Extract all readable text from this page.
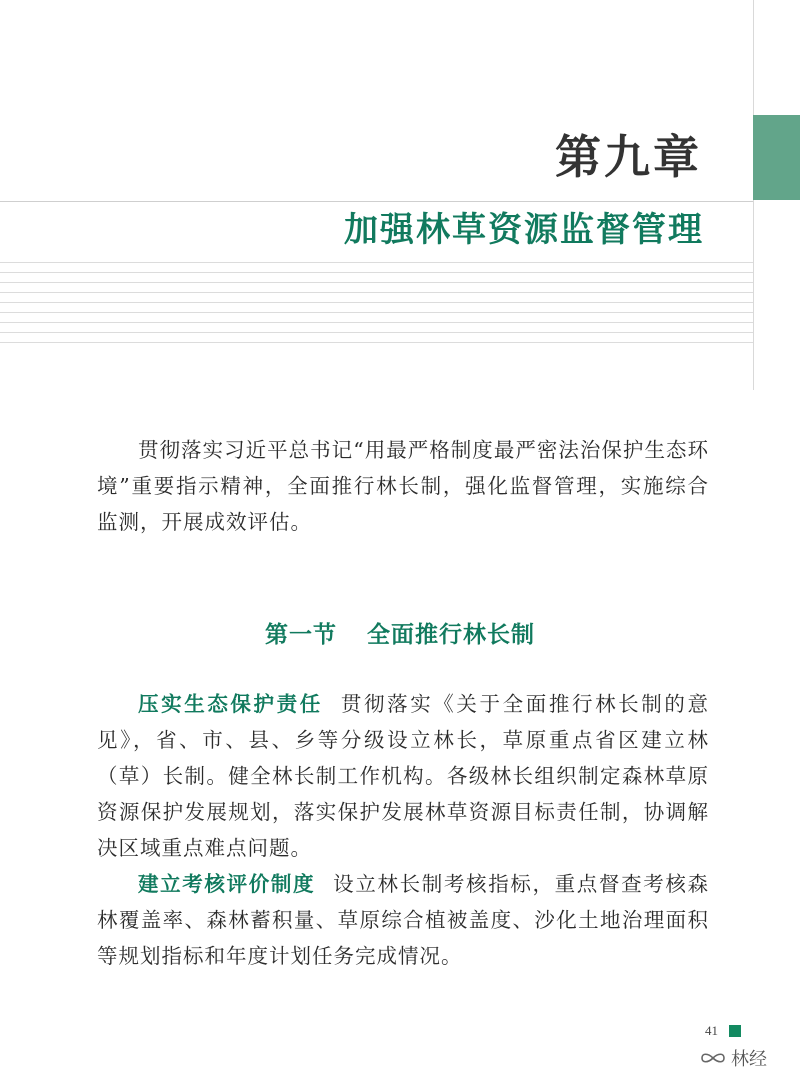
第九章
加强林草资源监督管理

贯彻落实习近平总书记“用最严格制度最严密法治保护生态环境”重要指示精神，全面推行林长制，强化监督管理，实施综合监测，开展成效评估。

第一节 全面推行林长制

压实生态保护责任 贯彻落实《关于全面推行林长制的意见》，省、市、县、乡等分级设立林长，草原重点省区建立林（草）长制。健全林长制工作机构。各级林长组织制定森林草原资源保护发展规划，落实保护发展林草资源目标责任制，协调解决区域重点难点问题。

建立考核评价制度 设立林长制考核指标，重点督查考核森林覆盖率、森林蓄积量、草原综合植被盖度、沙化土地治理面积等规划指标和年度计划任务完成情况。

41
林经
